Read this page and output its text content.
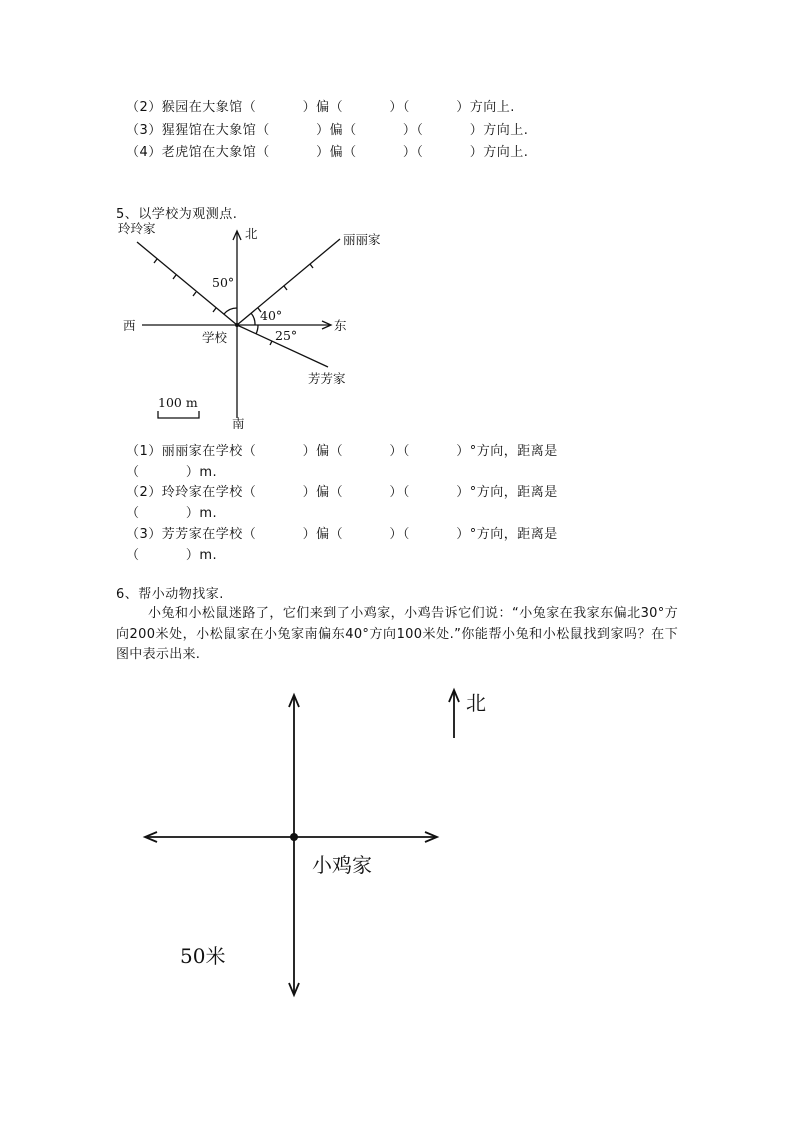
（2）猴园在大象馆（          ）偏（          ）（          ）方向上.
（3）猩猩馆在大象馆（          ）偏（          ）（          ）方向上.
（4）老虎馆在大象馆（          ）偏（          ）（          ）方向上.
5、以学校为观测点.
北
南
东
西
学校
玲玲家
丽丽家
芳芳家
50°
40°
25°
100 m
（1）丽丽家在学校（          ）偏（          ）（          ）°方向，距离是
（          ）m.
（2）玲玲家在学校（          ）偏（          ）（          ）°方向，距离是
（          ）m.
（3）芳芳家在学校（          ）偏（          ）（          ）°方向，距离是
（          ）m.
6、帮小动物找家.
小兔和小松鼠迷路了，它们来到了小鸡家，小鸡告诉它们说：“小兔家在我家东偏北30°方向200米处，小松鼠家在小兔家南偏东40°方向100米处.”你能帮小兔和小松鼠找到家吗？在下图中表示出来.
北
小鸡家
50米
